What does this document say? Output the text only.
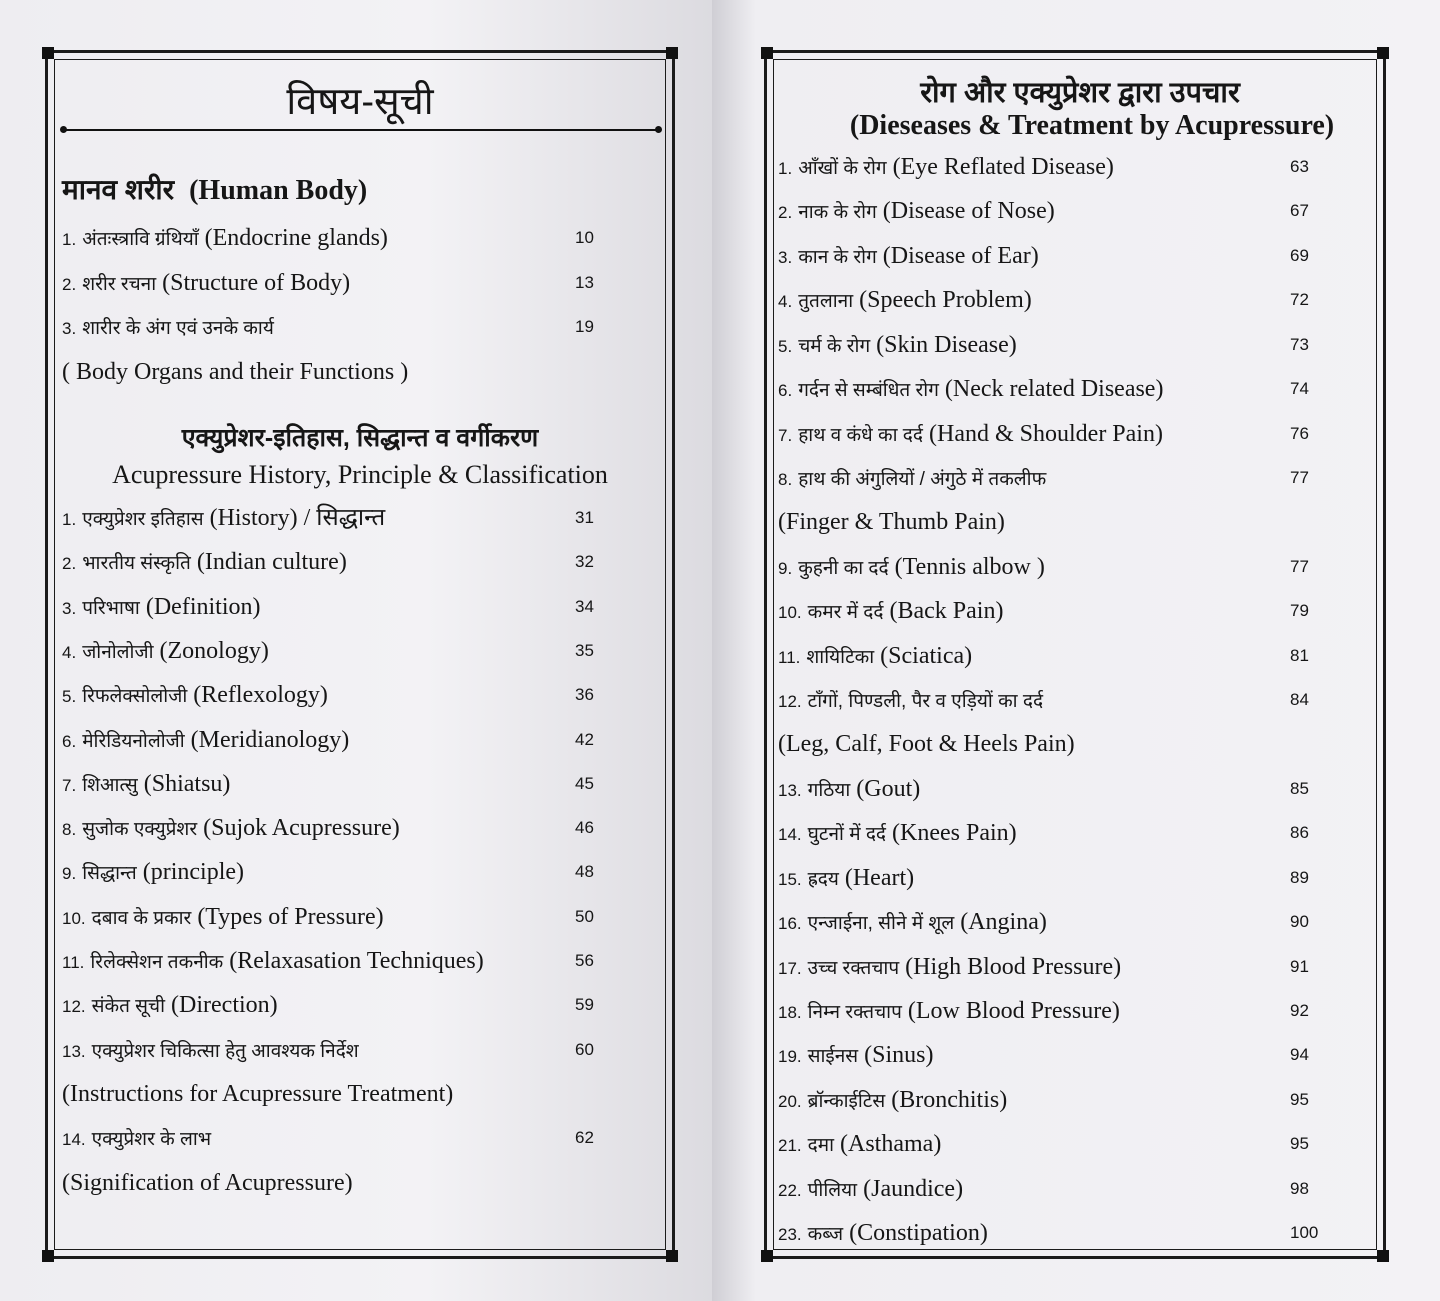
विषय-सूची
मानव शरीर (Human Body)
1. अंतःस्त्रावि ग्रंथियाँ (Endocrine glands)	10
2. शरीर रचना (Structure of Body)	13
3. शारीर के अंग एवं उनके कार्य	19
( Body Organs and their Functions )
एक्युप्रेशर-इतिहास, सिद्धान्त व वर्गीकरण
Acupressure History, Principle & Classification
1. एक्युप्रेशर इतिहास (History) / सिद्धान्त	31
2. भारतीय संस्कृति (Indian culture)	32
3. परिभाषा (Definition)	34
4. जोनोलोजी (Zonology)	35
5. रिफलेक्सोलोजी (Reflexology)	36
6. मेरिडियनोलोजी (Meridianology)	42
7. शिआत्सु (Shiatsu)	45
8. सुजोक एक्युप्रेशर (Sujok Acupressure)	46
9. सिद्धान्त (principle)	48
10. दबाव के प्रकार (Types of Pressure)	50
11. रिलेक्सेशन तकनीक (Relaxasation Techniques)	56
12. संकेत सूची (Direction)	59
13. एक्युप्रेशर चिकित्सा हेतु आवश्यक निर्देश	60
(Instructions for Acupressure Treatment)
14. एक्युप्रेशर के लाभ	62
(Signification of Acupressure)
रोग और एक्युप्रेशर द्वारा उपचार
(Dieseases & Treatment by Acupressure)
1. आँखों के रोग (Eye Reflated Disease)	63
2. नाक के रोग (Disease of Nose)	67
3. कान के रोग (Disease of Ear)	69
4. तुतलाना (Speech Problem)	72
5. चर्म के रोग (Skin Disease)	73
6. गर्दन से सम्बंधित रोग (Neck related Disease)	74
7. हाथ व कंधे का दर्द (Hand & Shoulder Pain)	76
8. हाथ की अंगुलियों / अंगुठे में तकलीफ	77
(Finger & Thumb Pain)
9. कुहनी का दर्द (Tennis albow )	77
10. कमर में दर्द (Back Pain)	79
11. शायिटिका (Sciatica)	81
12. टाँगों, पिण्डली, पैर व एड़ियों का दर्द	84
(Leg, Calf, Foot & Heels Pain)
13. गठिया (Gout)	85
14. घुटनों में दर्द (Knees Pain)	86
15. ह्रदय (Heart)	89
16. एन्जाईना, सीने में शूल (Angina)	90
17. उच्च रक्तचाप (High Blood Pressure)	91
18. निम्न रक्तचाप (Low Blood Pressure)	92
19. साईनस (Sinus)	94
20. ब्रॉन्काईटिस (Bronchitis)	95
21. दमा (Asthama)	95
22. पीलिया (Jaundice)	98
23. कब्ज (Constipation)	100
